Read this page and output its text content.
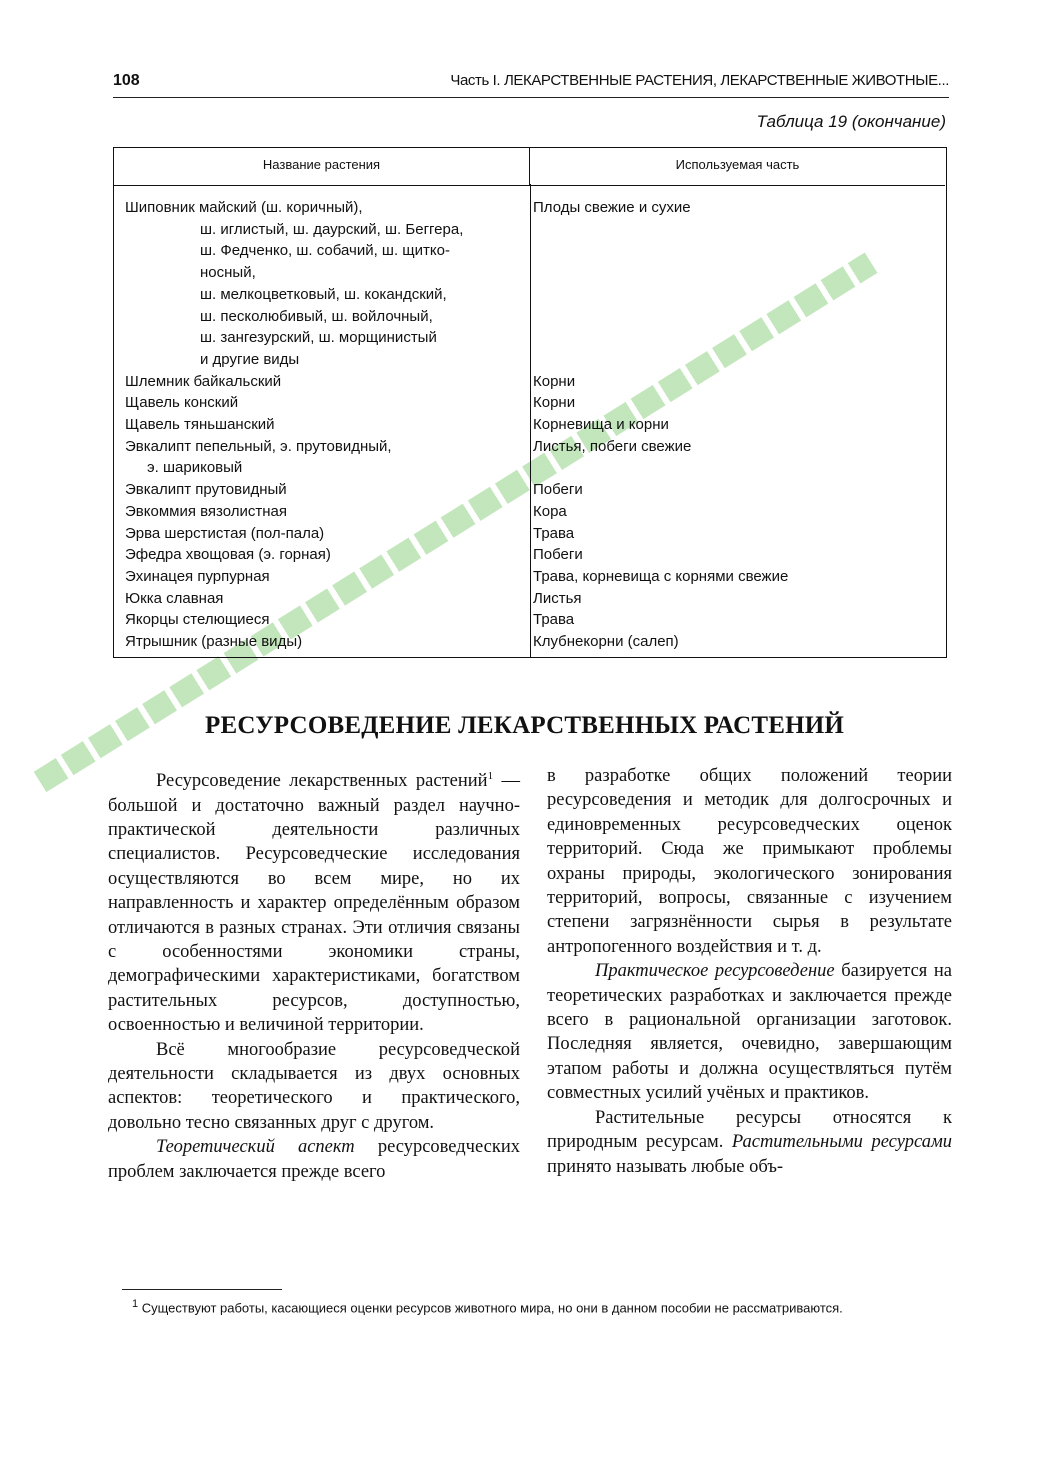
108	Часть I. ЛЕКАРСТВЕННЫЕ РАСТЕНИЯ, ЛЕКАРСТВЕННЫЕ ЖИВОТНЫЕ...
Таблица 19 (окончание)
Название растения	Используемая часть
Шиповник майский (ш. коричный),	Плоды свежие и сухие
ш. иглистый, ш. даурский, ш. Беггера,
ш. Федченко, ш. собачий, ш. щитко-
носный,
ш. мелкоцветковый, ш. кокандский,
ш. песколюбивый, ш. войлочный,
ш. зангезурский, ш. морщинистый
и другие виды
Шлемник байкальский	Корни
Щавель конский	Корни
Щавель тяньшанский	Корневища и корни
Эвкалипт пепельный, э. прутовидный,	Листья, побеги свежие
э. шариковый
Эвкалипт прутовидный	Побеги
Эвкоммия вязолистная	Кора
Эрва шерстистая (пол-пала)	Трава
Эфедра хвощовая (э. горная)	Побеги
Эхинацея пурпурная	Трава, корневища с корнями свежие
Юкка славная	Листья
Якорцы стелющиеся	Трава
Ятрышник (разные виды)	Клубнекорни (салеп)
РЕСУРСОВЕДЕНИЕ ЛЕКАРСТВЕННЫХ РАСТЕНИЙ

Ресурсоведение лекарственных растений$^1$ — большой и достаточно важный раздел научно-практической деятельности различных специалистов. Ресурсоведческие исследования осуществляются во всем мире, но их направленность и характер определённым образом отличаются в разных странах. Эти отличия связаны с особенностями экономики страны, демографическими характеристиками, богатством растительных ресурсов, доступностью, освоенностью и величиной территории.

Всё многообразие ресурсоведческой деятельности складывается из двух основных аспектов: теоретического и практического, довольно тесно связанных друг с другом.

Теоретический аспект ресурсоведческих проблем заключается прежде всего

в разработке общих положений теории ресурсоведения и методик для долгосрочных и единовременных ресурсоведческих оценок территорий. Сюда же примыкают проблемы охраны природы, экологического зонирования территорий, вопросы, связанные с изучением степени загрязнённости сырья в результате антропогенного воздействия и т. д.

Практическое ресурсоведение базируется на теоретических разработках и заключается прежде всего в рациональной организации заготовок. Последняя является, очевидно, завершающим этапом работы и должна осуществляться путём совместных усилий учёных и практиков.

Растительные ресурсы относятся к природным ресурсам. Растительными ресурсами принято называть любые объ-

$^1$ Существуют работы, касающиеся оценки ресурсов животного мира, но они в данном пособии не рассматриваются.
